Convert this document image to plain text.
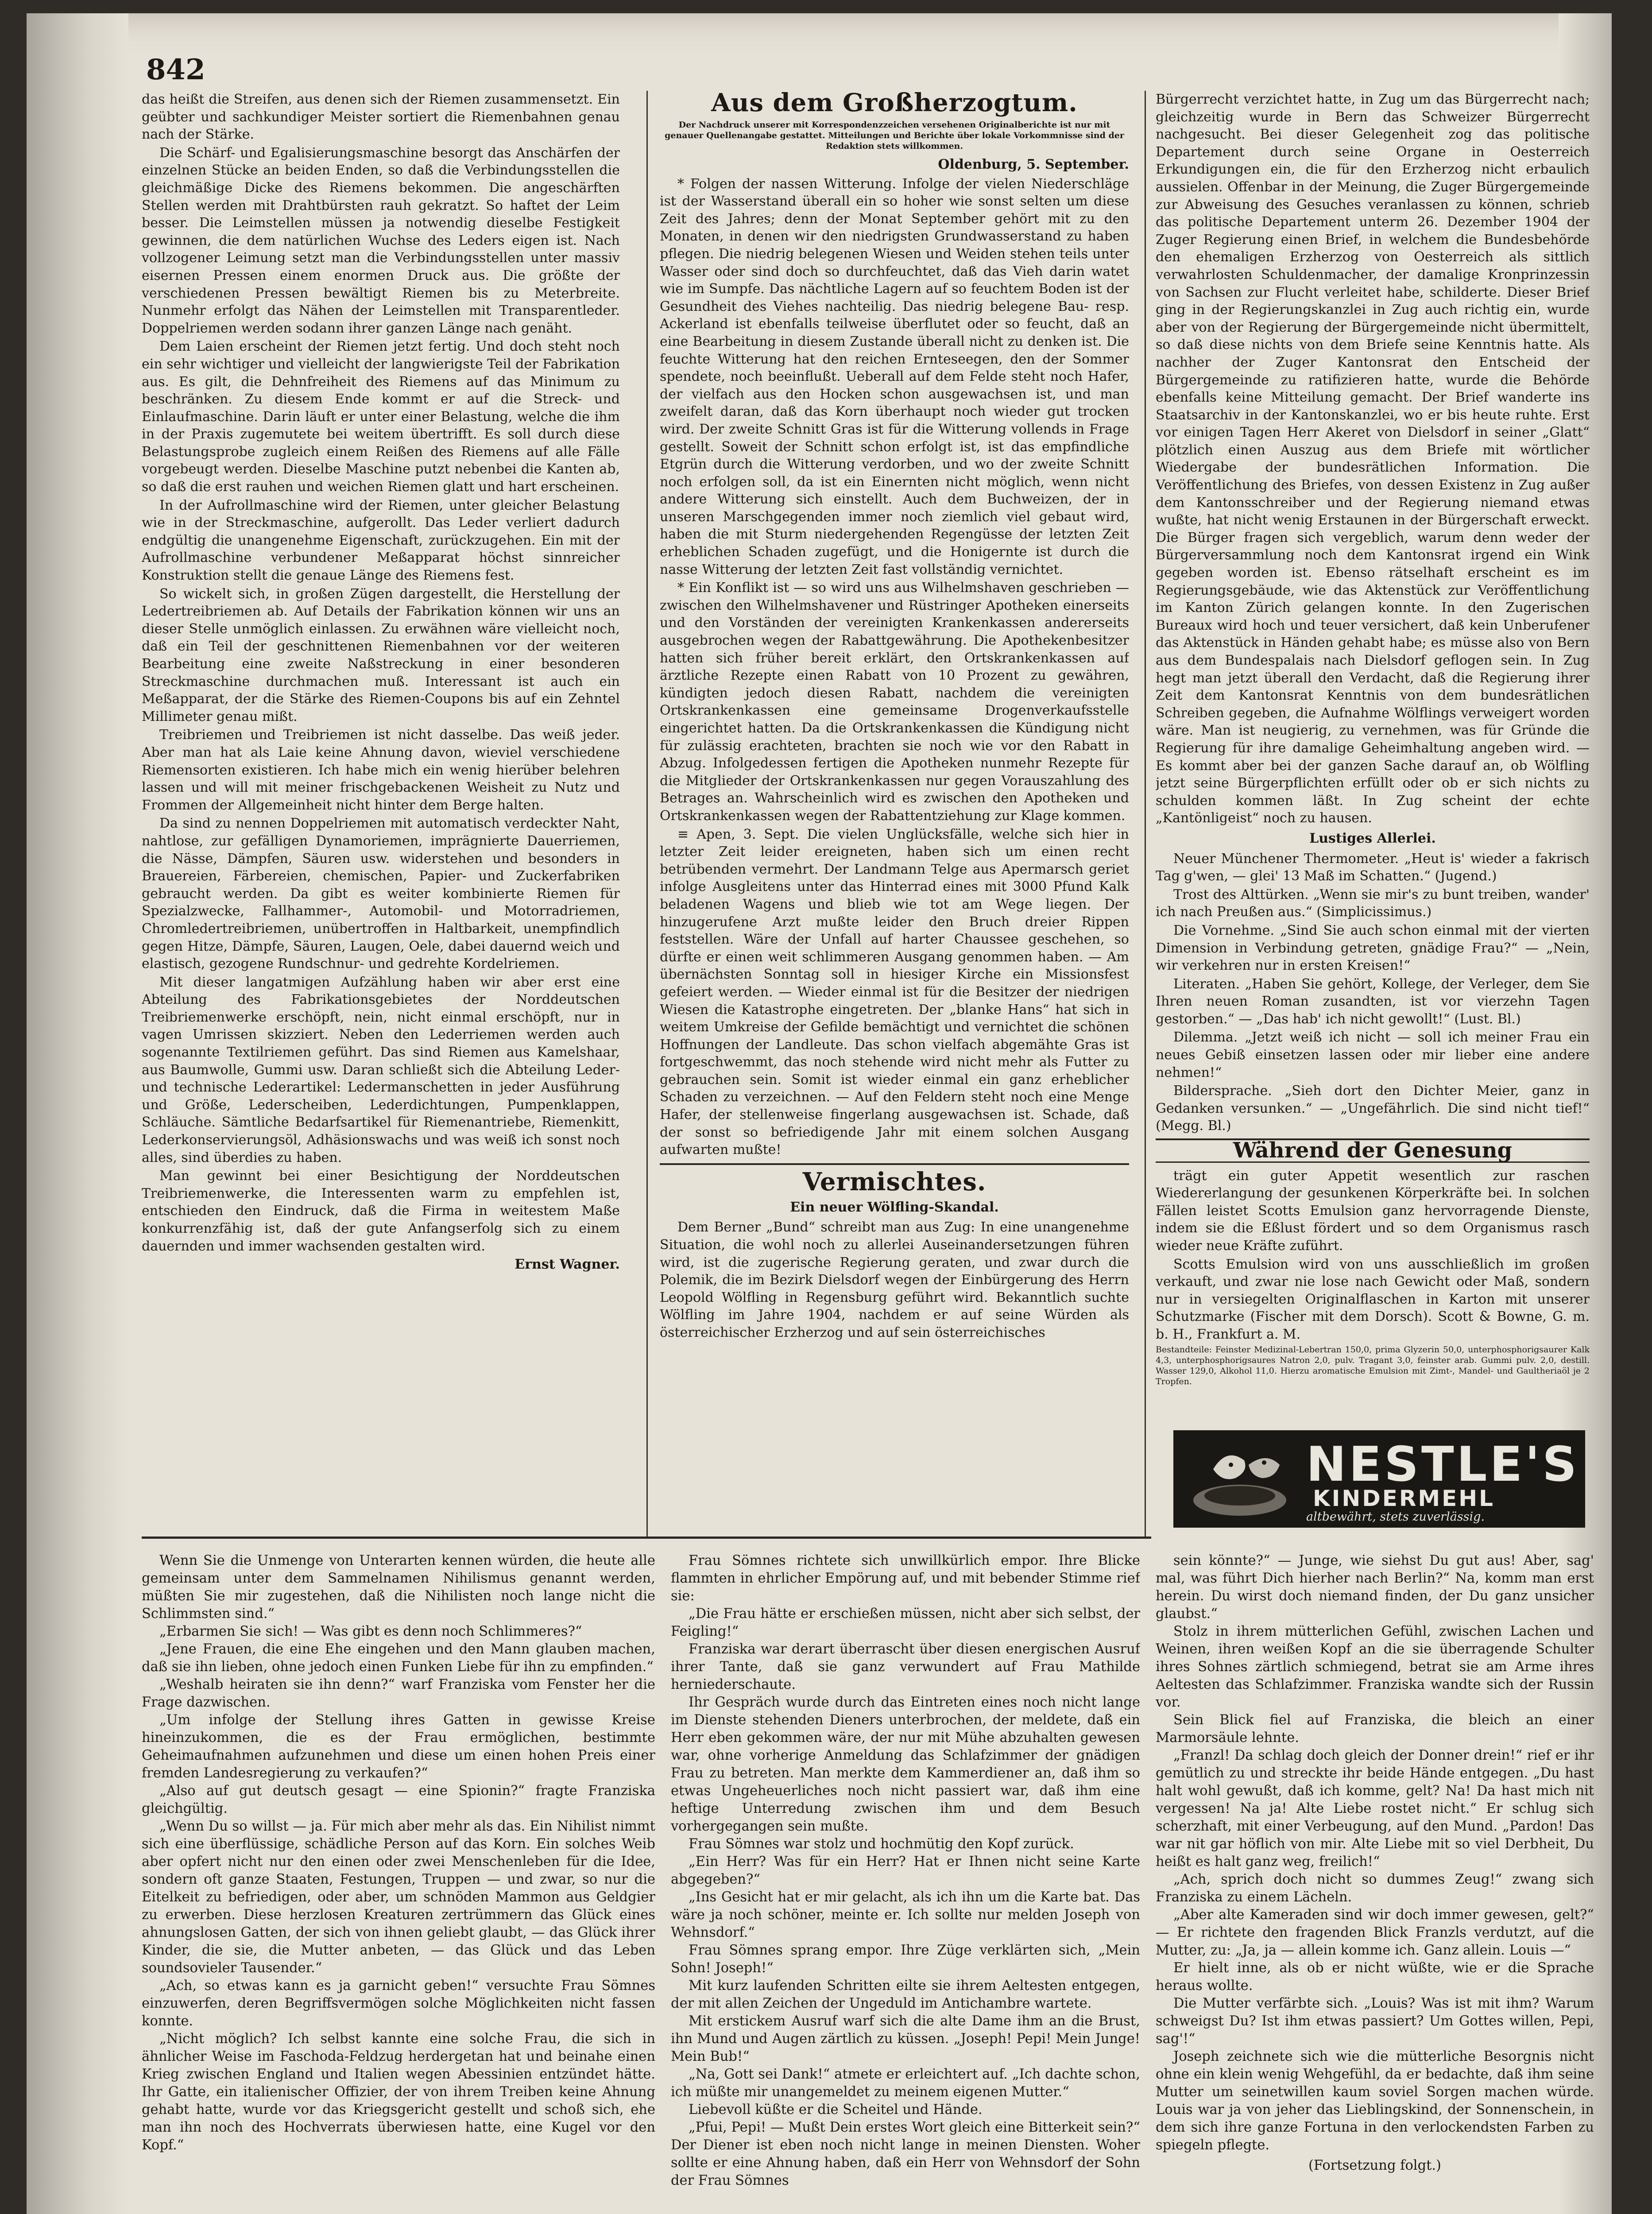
842

das heißt die Streifen, aus denen sich der Riemen zusammensetzt. Ein geübter und sachkundiger Meister sortiert die Riemenbahnen genau nach der Stärke.

Die Schärf- und Egalisierungsmaschine besorgt das Anschärfen der einzelnen Stücke an beiden Enden, so daß die Verbindungsstellen die gleichmäßige Dicke des Riemens bekommen. Die angeschärften Stellen werden mit Drahtbürsten rauh gekratzt. So haftet der Leim besser. Die Leimstellen müssen ja notwendig dieselbe Festigkeit gewinnen, die dem natürlichen Wuchse des Leders eigen ist. Nach vollzogener Leimung setzt man die Verbindungsstellen unter massiv eisernen Pressen einem enormen Druck aus. Die größte der verschiedenen Pressen bewältigt Riemen bis zu Meterbreite. Nunmehr erfolgt das Nähen der Leimstellen mit Transparentleder. Doppelriemen werden sodann ihrer ganzen Länge nach genäht.

Dem Laien erscheint der Riemen jetzt fertig. Und doch steht noch ein sehr wichtiger und vielleicht der langwierigste Teil der Fabrikation aus. Es gilt, die Dehnfreiheit des Riemens auf das Minimum zu beschränken. Zu diesem Ende kommt er auf die Streck- und Einlaufmaschine. Darin läuft er unter einer Belastung, welche die ihm in der Praxis zugemutete bei weitem übertrifft. Es soll durch diese Belastungsprobe zugleich einem Reißen des Riemens auf alle Fälle vorgebeugt werden. Dieselbe Maschine putzt nebenbei die Kanten ab, so daß die erst rauhen und weichen Riemen glatt und hart erscheinen.

In der Aufrollmaschine wird der Riemen, unter gleicher Belastung wie in der Streckmaschine, aufgerollt. Das Leder verliert dadurch endgültig die unangenehme Eigenschaft, zurückzugehen. Ein mit der Aufrollmaschine verbundener Meßapparat höchst sinnreicher Konstruktion stellt die genaue Länge des Riemens fest.

So wickelt sich, in großen Zügen dargestellt, die Herstellung der Ledertreibriemen ab. Auf Details der Fabrikation können wir uns an dieser Stelle unmöglich einlassen. Zu erwähnen wäre vielleicht noch, daß ein Teil der geschnittenen Riemenbahnen vor der weiteren Bearbeitung eine zweite Naßstreckung in einer besonderen Streckmaschine durchmachen muß. Interessant ist auch ein Meßapparat, der die Stärke des Riemen-Coupons bis auf ein Zehntel Millimeter genau mißt.

Treibriemen und Treibriemen ist nicht dasselbe. Das weiß jeder. Aber man hat als Laie keine Ahnung davon, wieviel verschiedene Riemensorten existieren. Ich habe mich ein wenig hierüber belehren lassen und will mit meiner frischgebackenen Weisheit zu Nutz und Frommen der Allgemeinheit nicht hinter dem Berge halten.

Da sind zu nennen Doppelriemen mit automatisch verdeckter Naht, nahtlose, zur gefälligen Dynamoriemen, imprägnierte Dauerriemen, die Nässe, Dämpfen, Säuren usw. widerstehen und besonders in Brauereien, Färbereien, chemischen, Papier- und Zuckerfabriken gebraucht werden. Da gibt es weiter kombinierte Riemen für Spezialzwecke, Fallhammer-, Automobil- und Motorradriemen, Chromledertreibriemen, unübertroffen in Haltbarkeit, unempfindlich gegen Hitze, Dämpfe, Säuren, Laugen, Oele, dabei dauernd weich und elastisch, gezogene Rundschnur- und gedrehte Kordelriemen.

Mit dieser langatmigen Aufzählung haben wir aber erst eine Abteilung des Fabrikationsgebietes der Norddeutschen Treibriemenwerke erschöpft, nein, nicht einmal erschöpft, nur in vagen Umrissen skizziert. Neben den Lederriemen werden auch sogenannte Textilriemen geführt. Das sind Riemen aus Kamelshaar, aus Baumwolle, Gummi usw. Daran schließt sich die Abteilung Leder- und technische Lederartikel: Ledermanschetten in jeder Ausführung und Größe, Lederscheiben, Lederdichtungen, Pumpenklappen, Schläuche. Sämtliche Bedarfsartikel für Riemenantriebe, Riemenkitt, Lederkonservierungsöl, Adhäsionswachs und was weiß ich sonst noch alles, sind überdies zu haben.

Man gewinnt bei einer Besichtigung der Norddeutschen Treibriemenwerke, die Interessenten warm zu empfehlen ist, entschieden den Eindruck, daß die Firma in weitestem Maße konkurrenzfähig ist, daß der gute Anfangserfolg sich zu einem dauernden und immer wachsenden gestalten wird.

Ernst Wagner.
Aus dem Großherzogtum.
Der Nachdruck unserer mit Korrespondenzzeichen versehenen Originalberichte ist nur mit genauer Quellenangabe gestattet. Mitteilungen und Berichte über lokale Vorkommnisse sind der Redaktion stets willkommen.
Oldenburg, 5. September.

* Folgen der nassen Witterung. Infolge der vielen Niederschläge ist der Wasserstand überall ein so hoher wie sonst selten um diese Zeit des Jahres; denn der Monat September gehört mit zu den Monaten, in denen wir den niedrigsten Grundwasserstand zu haben pflegen. Die niedrig belegenen Wiesen und Weiden stehen teils unter Wasser oder sind doch so durchfeuchtet, daß das Vieh darin watet wie im Sumpfe. Das nächtliche Lagern auf so feuchtem Boden ist der Gesundheit des Viehes nachteilig. Das niedrig belegene Bau- resp. Ackerland ist ebenfalls teilweise überflutet oder so feucht, daß an eine Bearbeitung in diesem Zustande überall nicht zu denken ist. Die feuchte Witterung hat den reichen Ernteseegen, den der Sommer spendete, noch beeinflußt. Ueberall auf dem Felde steht noch Hafer, der vielfach aus den Hocken schon ausgewachsen ist, und man zweifelt daran, daß das Korn überhaupt noch wieder gut trocken wird. Der zweite Schnitt Gras ist für die Witterung vollends in Frage gestellt. Soweit der Schnitt schon erfolgt ist, ist das empfindliche Etgrün durch die Witterung verdorben, und wo der zweite Schnitt noch erfolgen soll, da ist ein Einernten nicht möglich, wenn nicht andere Witterung sich einstellt. Auch dem Buchweizen, der in unseren Marschgegenden immer noch ziemlich viel gebaut wird, haben die mit Sturm niedergehenden Regengüsse der letzten Zeit erheblichen Schaden zugefügt, und die Honigernte ist durch die nasse Witterung der letzten Zeit fast vollständig vernichtet.

* Ein Konflikt ist — so wird uns aus Wilhelmshaven geschrieben — zwischen den Wilhelmshavener und Rüstringer Apotheken einerseits und den Vorständen der vereinigten Krankenkassen andererseits ausgebrochen wegen der Rabattgewährung. Die Apothekenbesitzer hatten sich früher bereit erklärt, den Ortskrankenkassen auf ärztliche Rezepte einen Rabatt von 10 Prozent zu gewähren, kündigten jedoch diesen Rabatt, nachdem die vereinigten Ortskrankenkassen eine gemeinsame Drogenverkaufsstelle eingerichtet hatten. Da die Ortskrankenkassen die Kündigung nicht für zulässig erachteten, brachten sie noch wie vor den Rabatt in Abzug. Infolgedessen fertigen die Apotheken nunmehr Rezepte für die Mitglieder der Ortskrankenkassen nur gegen Vorauszahlung des Betrages an. Wahrscheinlich wird es zwischen den Apotheken und Ortskrankenkassen wegen der Rabattentziehung zur Klage kommen.

≡ Apen, 3. Sept. Die vielen Unglücksfälle, welche sich hier in letzter Zeit leider ereigneten, haben sich um einen recht betrübenden vermehrt. Der Landmann Telge aus Apermarsch geriet infolge Ausgleitens unter das Hinterrad eines mit 3000 Pfund Kalk beladenen Wagens und blieb wie tot am Wege liegen. Der hinzugerufene Arzt mußte leider den Bruch dreier Rippen feststellen. Wäre der Unfall auf harter Chaussee geschehen, so dürfte er einen weit schlimmeren Ausgang genommen haben. — Am übernächsten Sonntag soll in hiesiger Kirche ein Missionsfest gefeiert werden. — Wieder einmal ist für die Besitzer der niedrigen Wiesen die Katastrophe eingetreten. Der „blanke Hans“ hat sich in weitem Umkreise der Gefilde bemächtigt und vernichtet die schönen Hoffnungen der Landleute. Das schon vielfach abgemähte Gras ist fortgeschwemmt, das noch stehende wird nicht mehr als Futter zu gebrauchen sein. Somit ist wieder einmal ein ganz erheblicher Schaden zu verzeichnen. — Auf den Feldern steht noch eine Menge Hafer, der stellenweise fingerlang ausgewachsen ist. Schade, daß der sonst so befriedigende Jahr mit einem solchen Ausgang aufwarten mußte!

Vermischtes.
Ein neuer Wölfling-Skandal.

Dem Berner „Bund“ schreibt man aus Zug: In eine unangenehme Situation, die wohl noch zu allerlei Auseinandersetzungen führen wird, ist die zugerische Regierung geraten, und zwar durch die Polemik, die im Bezirk Dielsdorf wegen der Einbürgerung des Herrn Leopold Wölfling in Regensburg geführt wird. Bekanntlich suchte Wölfling im Jahre 1904, nachdem er auf seine Würden als österreichischer Erzherzog und auf sein österreichisches

Bürgerrecht verzichtet hatte, in Zug um das Bürgerrecht nach; gleichzeitig wurde in Bern das Schweizer Bürgerrecht nachgesucht. Bei dieser Gelegenheit zog das politische Departement durch seine Organe in Oesterreich Erkundigungen ein, die für den Erzherzog nicht erbaulich aussielen. Offenbar in der Meinung, die Zuger Bürgergemeinde zur Abweisung des Gesuches veranlassen zu können, schrieb das politische Departement unterm 26. Dezember 1904 der Zuger Regierung einen Brief, in welchem die Bundesbehörde den ehemaligen Erzherzog von Oesterreich als sittlich verwahrlosten Schuldenmacher, der damalige Kronprinzessin von Sachsen zur Flucht verleitet habe, schilderte. Dieser Brief ging in der Regierungskanzlei in Zug auch richtig ein, wurde aber von der Regierung der Bürgergemeinde nicht übermittelt, so daß diese nichts von dem Briefe seine Kenntnis hatte. Als nachher der Zuger Kantonsrat den Entscheid der Bürgergemeinde zu ratifizieren hatte, wurde die Behörde ebenfalls keine Mitteilung gemacht. Der Brief wanderte ins Staatsarchiv in der Kantonskanzlei, wo er bis heute ruhte. Erst vor einigen Tagen Herr Akeret von Dielsdorf in seiner „Glatt“ plötzlich einen Auszug aus dem Briefe mit wörtlicher Wiedergabe der bundesrätlichen Information. Die Veröffentlichung des Briefes, von dessen Existenz in Zug außer dem Kantonsschreiber und der Regierung niemand etwas wußte, hat nicht wenig Erstaunen in der Bürgerschaft erweckt. Die Bürger fragen sich vergeblich, warum denn weder der Bürgerversammlung noch dem Kantonsrat irgend ein Wink gegeben worden ist. Ebenso rätselhaft erscheint es im Regierungsgebäude, wie das Aktenstück zur Veröffentlichung im Kanton Zürich gelangen konnte. In den Zugerischen Bureaux wird hoch und teuer versichert, daß kein Unberufener das Aktenstück in Händen gehabt habe; es müsse also von Bern aus dem Bundespalais nach Dielsdorf geflogen sein. In Zug hegt man jetzt überall den Verdacht, daß die Regierung ihrer Zeit dem Kantonsrat Kenntnis von dem bundesrätlichen Schreiben gegeben, die Aufnahme Wölflings verweigert worden wäre. Man ist neugierig, zu vernehmen, was für Gründe die Regierung für ihre damalige Geheimhaltung angeben wird. — Es kommt aber bei der ganzen Sache darauf an, ob Wölfling jetzt seine Bürgerpflichten erfüllt oder ob er sich nichts zu schulden kommen läßt. In Zug scheint der echte „Kantönligeist“ noch zu hausen.

Lustiges Allerlei.

Neuer Münchener Thermometer. „Heut is' wieder a fakrisch Tag g'wen, — glei' 13 Maß im Schatten.“ (Jugend.)

Trost des Alttürken. „Wenn sie mir's zu bunt treiben, wander' ich nach Preußen aus.“ (Simplicissimus.)

Die Vornehme. „Sind Sie auch schon einmal mit der vierten Dimension in Verbindung getreten, gnädige Frau?“ — „Nein, wir verkehren nur in ersten Kreisen!“

Literaten. „Haben Sie gehört, Kollege, der Verleger, dem Sie Ihren neuen Roman zusandten, ist vor vierzehn Tagen gestorben.“ — „Das hab' ich nicht gewollt!“ (Lust. Bl.)

Dilemma. „Jetzt weiß ich nicht — soll ich meiner Frau ein neues Gebiß einsetzen lassen oder mir lieber eine andere nehmen!“

Bildersprache. „Sieh dort den Dichter Meier, ganz in Gedanken versunken.“ — „Ungefährlich. Die sind nicht tief!“ (Megg. Bl.)

Während der Genesung

trägt ein guter Appetit wesentlich zur raschen Wiedererlangung der gesunkenen Körperkräfte bei. In solchen Fällen leistet Scotts Emulsion ganz hervorragende Dienste, indem sie die Eßlust fördert und so dem Organismus rasch wieder neue Kräfte zuführt.

Scotts Emulsion wird von uns ausschließlich im großen verkauft, und zwar nie lose nach Gewicht oder Maß, sondern nur in versiegelten Originalflaschen in Karton mit unserer Schutzmarke (Fischer mit dem Dorsch). Scott & Bowne, G. m. b. H., Frankfurt a. M.

Bestandteile: Feinster Medizinal-Lebertran 150,0, prima Glyzerin 50,0, unterphosphorigsaurer Kalk 4,3, unterphosphorigsaures Natron 2,0, pulv. Tragant 3,0, feinster arab. Gummi pulv. 2,0, destill. Wasser 129,0, Alkohol 11,0. Hierzu aromatische Emulsion mit Zimt-, Mandel- und Gaultheriaöl je 2 Tropfen.
NESTLE'S
KINDERMEHL
altbewährt, stets zuverlässig.

Wenn Sie die Unmenge von Unterarten kennen würden, die heute alle gemeinsam unter dem Sammelnamen Nihilismus genannt werden, müßten Sie mir zugestehen, daß die Nihilisten noch lange nicht die Schlimmsten sind.“

„Erbarmen Sie sich! — Was gibt es denn noch Schlimmeres?“

„Jene Frauen, die eine Ehe eingehen und den Mann glauben machen, daß sie ihn lieben, ohne jedoch einen Funken Liebe für ihn zu empfinden.“

„Weshalb heiraten sie ihn denn?“ warf Franziska vom Fenster her die Frage dazwischen.

„Um infolge der Stellung ihres Gatten in gewisse Kreise hineinzukommen, die es der Frau ermöglichen, bestimmte Geheimaufnahmen aufzunehmen und diese um einen hohen Preis einer fremden Landesregierung zu verkaufen?“

„Also auf gut deutsch gesagt — eine Spionin?“ fragte Franziska gleichgültig.

„Wenn Du so willst — ja. Für mich aber mehr als das. Ein Nihilist nimmt sich eine überflüssige, schädliche Person auf das Korn. Ein solches Weib aber opfert nicht nur den einen oder zwei Menschenleben für die Idee, sondern oft ganze Staaten, Festungen, Truppen — und zwar, so nur die Eitelkeit zu befriedigen, oder aber, um schnöden Mammon aus Geldgier zu erwerben. Diese herzlosen Kreaturen zertrümmern das Glück eines ahnungslosen Gatten, der sich von ihnen geliebt glaubt, — das Glück ihrer Kinder, die sie, die Mutter anbeten, — das Glück und das Leben soundsovieler Tausender.“

„Ach, so etwas kann es ja garnicht geben!“ versuchte Frau Sömnes einzuwerfen, deren Begriffsvermögen solche Möglichkeiten nicht fassen konnte.

„Nicht möglich? Ich selbst kannte eine solche Frau, die sich in ähnlicher Weise im Faschoda-Feldzug herdergetan hat und beinahe einen Krieg zwischen England und Italien wegen Abessinien entzündet hätte. Ihr Gatte, ein italienischer Offizier, der von ihrem Treiben keine Ahnung gehabt hatte, wurde vor das Kriegsgericht gestellt und schoß sich, ehe man ihn noch des Hochverrats überwiesen hatte, eine Kugel vor den Kopf.“

Frau Sömnes richtete sich unwillkürlich empor. Ihre Blicke flammten in ehrlicher Empörung auf, und mit bebender Stimme rief sie:

„Die Frau hätte er erschießen müssen, nicht aber sich selbst, der Feigling!“

Franziska war derart überrascht über diesen energischen Ausruf ihrer Tante, daß sie ganz verwundert auf Frau Mathilde herniederschaute.

Ihr Gespräch wurde durch das Eintreten eines noch nicht lange im Dienste stehenden Dieners unterbrochen, der meldete, daß ein Herr eben gekommen wäre, der nur mit Mühe abzuhalten gewesen war, ohne vorherige Anmeldung das Schlafzimmer der gnädigen Frau zu betreten. Man merkte dem Kammerdiener an, daß ihm so etwas Ungeheuerliches noch nicht passiert war, daß ihm eine heftige Unterredung zwischen ihm und dem Besuch vorhergegangen sein mußte.

Frau Sömnes war stolz und hochmütig den Kopf zurück.

„Ein Herr? Was für ein Herr? Hat er Ihnen nicht seine Karte abgegeben?“

„Ins Gesicht hat er mir gelacht, als ich ihn um die Karte bat. Das wäre ja noch schöner, meinte er. Ich sollte nur melden Joseph von Wehnsdorf.“

Frau Sömnes sprang empor. Ihre Züge verklärten sich, „Mein Sohn! Joseph!“

Mit kurz laufenden Schritten eilte sie ihrem Aeltesten entgegen, der mit allen Zeichen der Ungeduld im Antichambre wartete.

Mit erstickem Ausruf warf sich die alte Dame ihm an die Brust, ihn Mund und Augen zärtlich zu küssen. „Joseph! Pepi! Mein Junge! Mein Bub!“

„Na, Gott sei Dank!“ atmete er erleichtert auf. „Ich dachte schon, ich müßte mir unangemeldet zu meinem eigenen Mutter.“

Liebevoll küßte er die Scheitel und Hände.

„Pfui, Pepi! — Mußt Dein erstes Wort gleich eine Bitterkeit sein?“ Der Diener ist eben noch nicht lange in meinen Diensten. Woher sollte er eine Ahnung haben, daß ein Herr von Wehnsdorf der Sohn der Frau Sömnes

sein könnte?“ — Junge, wie siehst Du gut aus! Aber, sag' mal, was führt Dich hierher nach Berlin?“ Na, komm man erst herein. Du wirst doch niemand finden, der Du ganz unsicher glaubst.“

Stolz in ihrem mütterlichen Gefühl, zwischen Lachen und Weinen, ihren weißen Kopf an die sie überragende Schulter ihres Sohnes zärtlich schmiegend, betrat sie am Arme ihres Aeltesten das Schlafzimmer. Franziska wandte sich der Russin vor.

Sein Blick fiel auf Franziska, die bleich an einer Marmorsäule lehnte.

„Franzl! Da schlag doch gleich der Donner drein!“ rief er ihr gemütlich zu und streckte ihr beide Hände entgegen. „Du hast halt wohl gewußt, daß ich komme, gelt? Na! Da hast mich nit vergessen! Na ja! Alte Liebe rostet nicht.“ Er schlug sich scherzhaft, mit einer Verbeugung, auf den Mund. „Pardon! Das war nit gar höflich von mir. Alte Liebe mit so viel Derbheit, Du heißt es halt ganz weg, freilich!“

„Ach, sprich doch nicht so dummes Zeug!“ zwang sich Franziska zu einem Lächeln.

„Aber alte Kameraden sind wir doch immer gewesen, gelt?“ — Er richtete den fragenden Blick Franzls verdutzt, auf die Mutter, zu: „Ja, ja — allein komme ich. Ganz allein. Louis —“

Er hielt inne, als ob er nicht wüßte, wie er die Sprache heraus wollte.

Die Mutter verfärbte sich. „Louis? Was ist mit ihm? Warum schweigst Du? Ist ihm etwas passiert? Um Gottes willen, Pepi, sag'!“

Joseph zeichnete sich wie die mütterliche Besorgnis nicht ohne ein klein wenig Wehgefühl, da er bedachte, daß ihm seine Mutter um seinetwillen kaum soviel Sorgen machen würde. Louis war ja von jeher das Lieblingskind, der Sonnenschein, in dem sich ihre ganze Fortuna in den verlockendsten Farben zu spiegeln pflegte.

(Fortsetzung folgt.)
